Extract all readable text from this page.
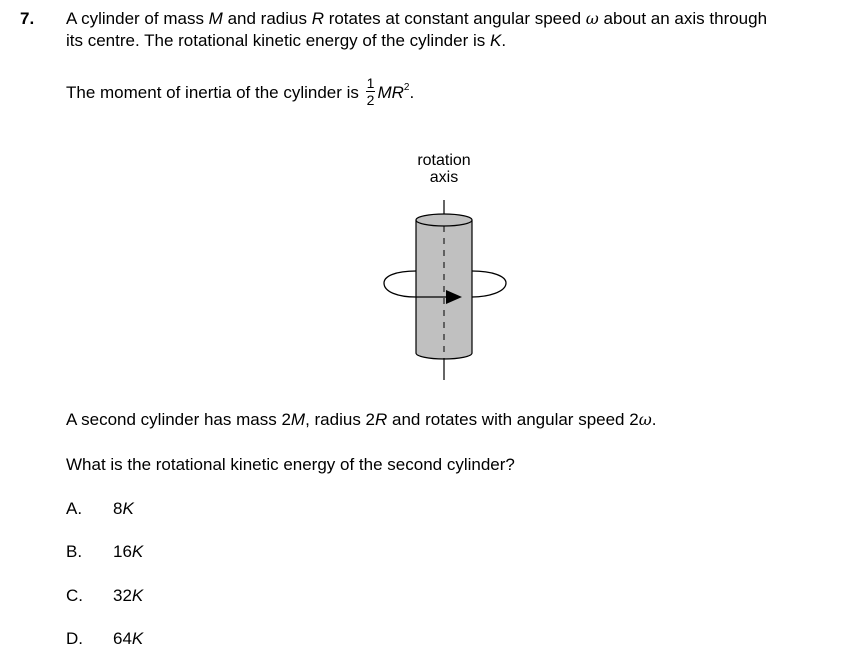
7. A cylinder of mass M and radius R rotates at constant angular speed ω about an axis through
its centre. The rotational kinetic energy of the cylinder is K.
The moment of inertia of the cylinder is $\frac{1}{2} MR^2$.
rotation
axis
A second cylinder has mass 2M, radius 2R and rotates with angular speed 2ω.
What is the rotational kinetic energy of the second cylinder?
A. 8K
B. 16K
C. 32K
D. 64K
